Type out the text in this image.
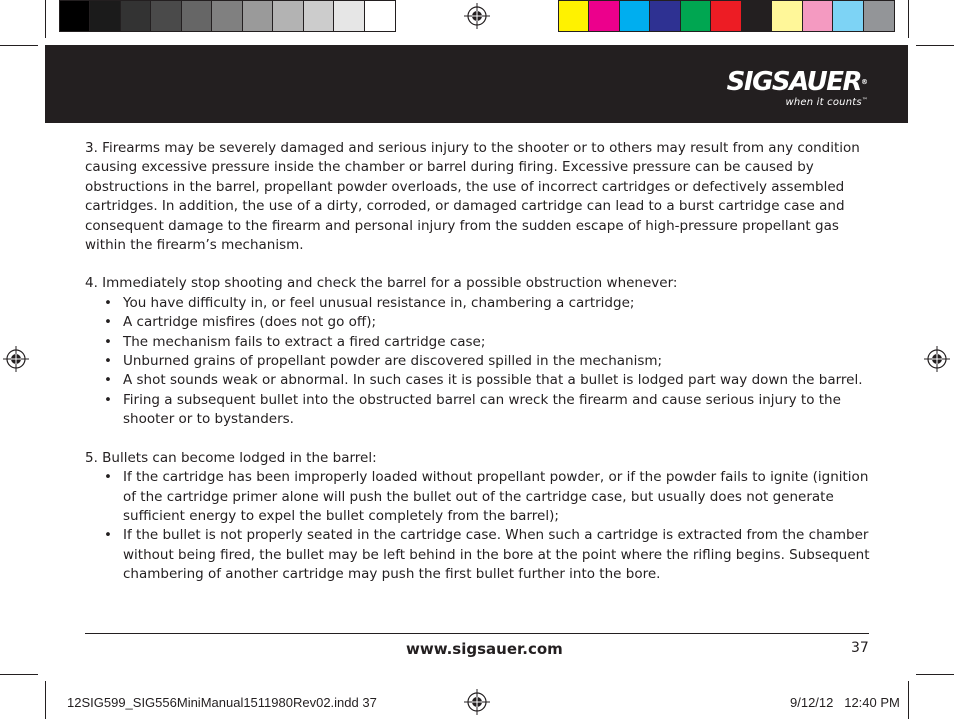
SIGSAUER®
when it counts™

3. Firearms may be severely damaged and serious injury to the shooter or to others may result from any condition causing excessive pressure inside the chamber or barrel during firing. Excessive pressure can be caused by obstructions in the barrel, propellant powder overloads, the use of incorrect cartridges or defectively assembled cartridges. In addition, the use of a dirty, corroded, or damaged cartridge can lead to a burst cartridge case and consequent damage to the firearm and personal injury from the sudden escape of high-pressure propellant gas within the firearm’s mechanism.

4. Immediately stop shooting and check the barrel for a possible obstruction whenever:

• You have difficulty in, or feel unusual resistance in, chambering a cartridge;
• A cartridge misfires (does not go off);
• The mechanism fails to extract a fired cartridge case;
• Unburned grains of propellant powder are discovered spilled in the mechanism;
• A shot sounds weak or abnormal. In such cases it is possible that a bullet is lodged part way down the barrel.
• Firing a subsequent bullet into the obstructed barrel can wreck the firearm and cause serious injury to the shooter or to bystanders.

5. Bullets can become lodged in the barrel:

• If the cartridge has been improperly loaded without propellant powder, or if the powder fails to ignite (ignition of the cartridge primer alone will push the bullet out of the cartridge case, but usually does not generate sufficient energy to expel the bullet completely from the barrel);
• If the bullet is not properly seated in the cartridge case. When such a cartridge is extracted from the chamber without being fired, the bullet may be left behind in the bore at the point where the rifling begins. Subsequent chambering of another cartridge may push the first bullet further into the bore.
www.sigsauer.com	37
12SIG599_SIG556MiniManual1511980Rev02.indd 37	9/12/12   12:40 PM
